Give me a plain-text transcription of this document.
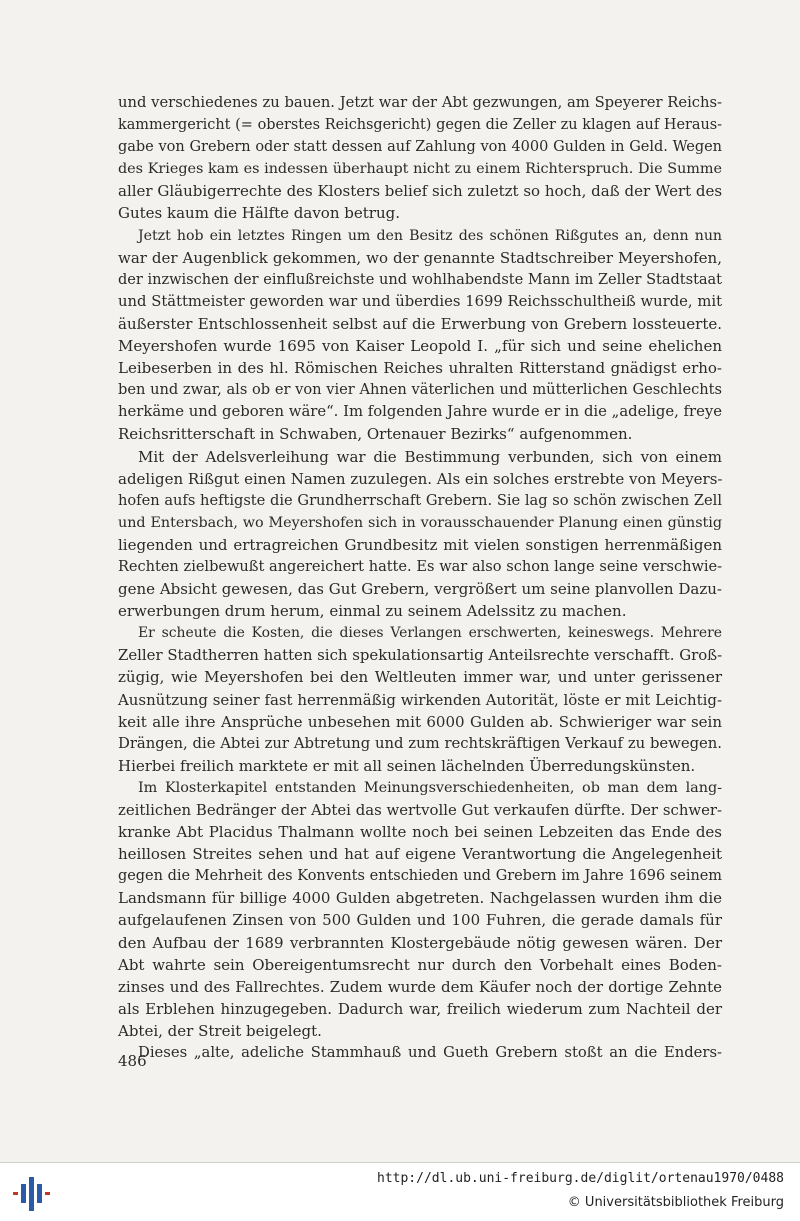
und verschiedenes zu bauen. Jetzt war der Abt gezwungen, am Speyerer Reichs-
kammergericht (= oberstes Reichsgericht) gegen die Zeller zu klagen auf Heraus-
gabe von Grebern oder statt dessen auf Zahlung von 4000 Gulden in Geld. Wegen
des Krieges kam es indessen überhaupt nicht zu einem Richterspruch. Die Summe
aller Gläubigerrechte des Klosters belief sich zuletzt so hoch, daß der Wert des
Gutes kaum die Hälfte davon betrug.

Jetzt hob ein letztes Ringen um den Besitz des schönen Rißgutes an, denn nun
war der Augenblick gekommen, wo der genannte Stadtschreiber Meyershofen,
der inzwischen der einflußreichste und wohlhabendste Mann im Zeller Stadtstaat
und Stättmeister geworden war und überdies 1699 Reichsschultheiß wurde, mit
äußerster Entschlossenheit selbst auf die Erwerbung von Grebern lossteuerte.
Meyershofen wurde 1695 von Kaiser Leopold I. „für sich und seine ehelichen
Leibeserben in des hl. Römischen Reiches uhralten Ritterstand gnädigst erho-
ben und zwar, als ob er von vier Ahnen väterlichen und mütterlichen Geschlechts
herkäme und geboren wäre“. Im folgenden Jahre wurde er in die „adelige, freye
Reichsritterschaft in Schwaben, Ortenauer Bezirks“ aufgenommen.

Mit der Adelsverleihung war die Bestimmung verbunden, sich von einem
adeligen Rißgut einen Namen zuzulegen. Als ein solches erstrebte von Meyers-
hofen aufs heftigste die Grundherrschaft Grebern. Sie lag so schön zwischen Zell
und Entersbach, wo Meyershofen sich in vorausschauender Planung einen günstig
liegenden und ertragreichen Grundbesitz mit vielen sonstigen herrenmäßigen
Rechten zielbewußt angereichert hatte. Es war also schon lange seine verschwie-
gene Absicht gewesen, das Gut Grebern, vergrößert um seine planvollen Dazu-
erwerbungen drum herum, einmal zu seinem Adelssitz zu machen.

Er scheute die Kosten, die dieses Verlangen erschwerten, keineswegs. Mehrere
Zeller Stadtherren hatten sich spekulationsartig Anteilsrechte verschafft. Groß-
zügig, wie Meyershofen bei den Weltleuten immer war, und unter gerissener
Ausnützung seiner fast herrenmäßig wirkenden Autorität, löste er mit Leichtig-
keit alle ihre Ansprüche unbesehen mit 6000 Gulden ab. Schwieriger war sein
Drängen, die Abtei zur Abtretung und zum rechtskräftigen Verkauf zu bewegen.
Hierbei freilich marktete er mit all seinen lächelnden Überredungskünsten.

Im Klosterkapitel entstanden Meinungsverschiedenheiten, ob man dem lang-
zeitlichen Bedränger der Abtei das wertvolle Gut verkaufen dürfte. Der schwer-
kranke Abt Placidus Thalmann wollte noch bei seinen Lebzeiten das Ende des
heillosen Streites sehen und hat auf eigene Verantwortung die Angelegenheit
gegen die Mehrheit des Konvents entschieden und Grebern im Jahre 1696 seinem
Landsmann für billige 4000 Gulden abgetreten. Nachgelassen wurden ihm die
aufgelaufenen Zinsen von 500 Gulden und 100 Fuhren, die gerade damals für
den Aufbau der 1689 verbrannten Klostergebäude nötig gewesen wären. Der
Abt wahrte sein Obereigentumsrecht nur durch den Vorbehalt eines Boden-
zinses und des Fallrechtes. Zudem wurde dem Käufer noch der dortige Zehnte
als Erblehen hinzugegeben. Dadurch war, freilich wiederum zum Nachteil der
Abtei, der Streit beigelegt.

Dieses „alte, adeliche Stammhauß und Gueth Grebern stoßt an die Enders-

486
http://dl.ub.uni-freiburg.de/diglit/ortenau1970/0488
© Universitätsbibliothek Freiburg
